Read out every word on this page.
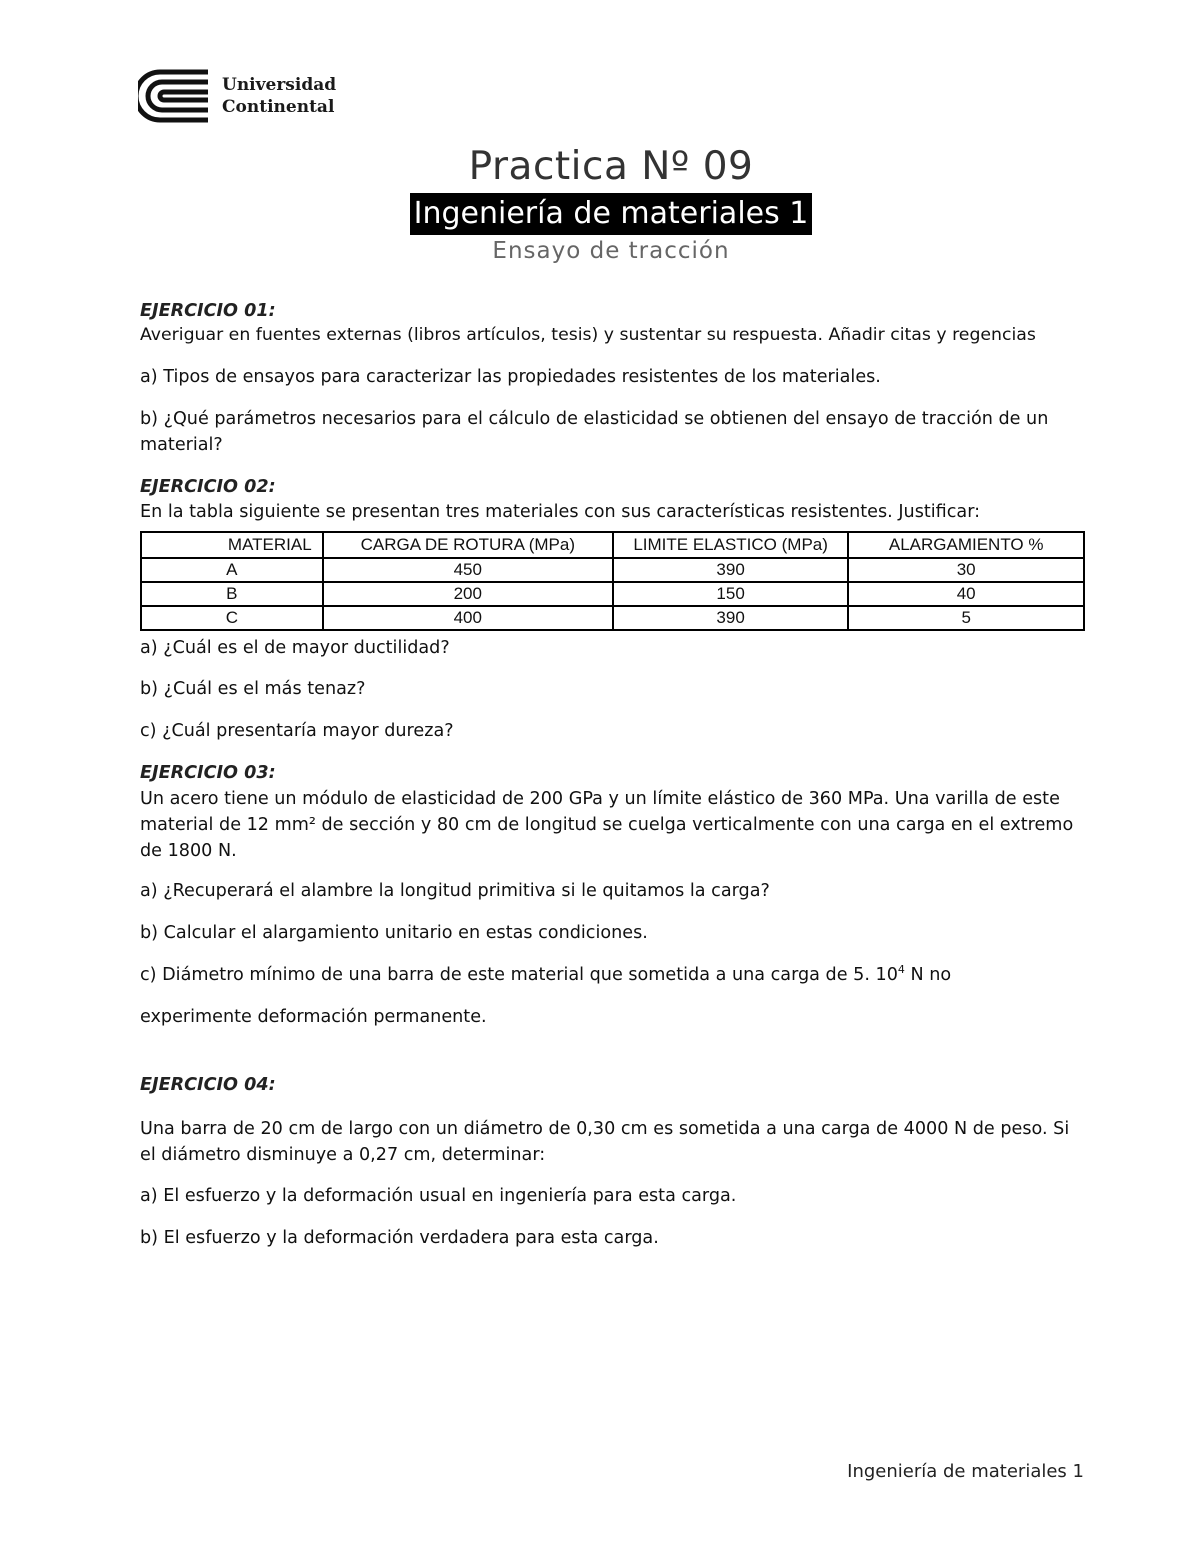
Universidad
Continental
Practica Nº 09
Ingeniería de materiales 1
Ensayo de tracción
EJERCICIO 01:
Averiguar en fuentes externas (libros artículos, tesis) y sustentar su respuesta. Añadir citas y regencias
a) Tipos de ensayos para caracterizar las propiedades resistentes de los materiales.
b) ¿Qué parámetros necesarios para el cálculo de elasticidad se obtienen del ensayo de tracción de un material?
EJERCICIO 02:
En la tabla siguiente se presentan tres materiales con sus características resistentes. Justificar:
MATERIAL	CARGA DE ROTURA (MPa)	LIMITE ELASTICO (MPa)	ALARGAMIENTO %
A	450	390	30
B	200	150	40
C	400	390	5
a) ¿Cuál es el de mayor ductilidad?
b) ¿Cuál es el más tenaz?
c) ¿Cuál presentaría mayor dureza?
EJERCICIO 03:
Un acero tiene un módulo de elasticidad de 200 GPa y un límite elástico de 360 MPa. Una varilla de este material de 12 mm² de sección y 80 cm de longitud se cuelga verticalmente con una carga en el extremo de 1800 N.
a) ¿Recuperará el alambre la longitud primitiva si le quitamos la carga?
b) Calcular el alargamiento unitario en estas condiciones.
c) Diámetro mínimo de una barra de este material que sometida a una carga de 5. $10^4$ N no
experimente deformación permanente.
EJERCICIO 04:
Una barra de 20 cm de largo con un diámetro de 0,30 cm es sometida a una carga de 4000 N de peso. Si el diámetro disminuye a 0,27 cm, determinar:
a) El esfuerzo y la deformación usual en ingeniería para esta carga.
b) El esfuerzo y la deformación verdadera para esta carga.
Ingeniería de materiales 1
